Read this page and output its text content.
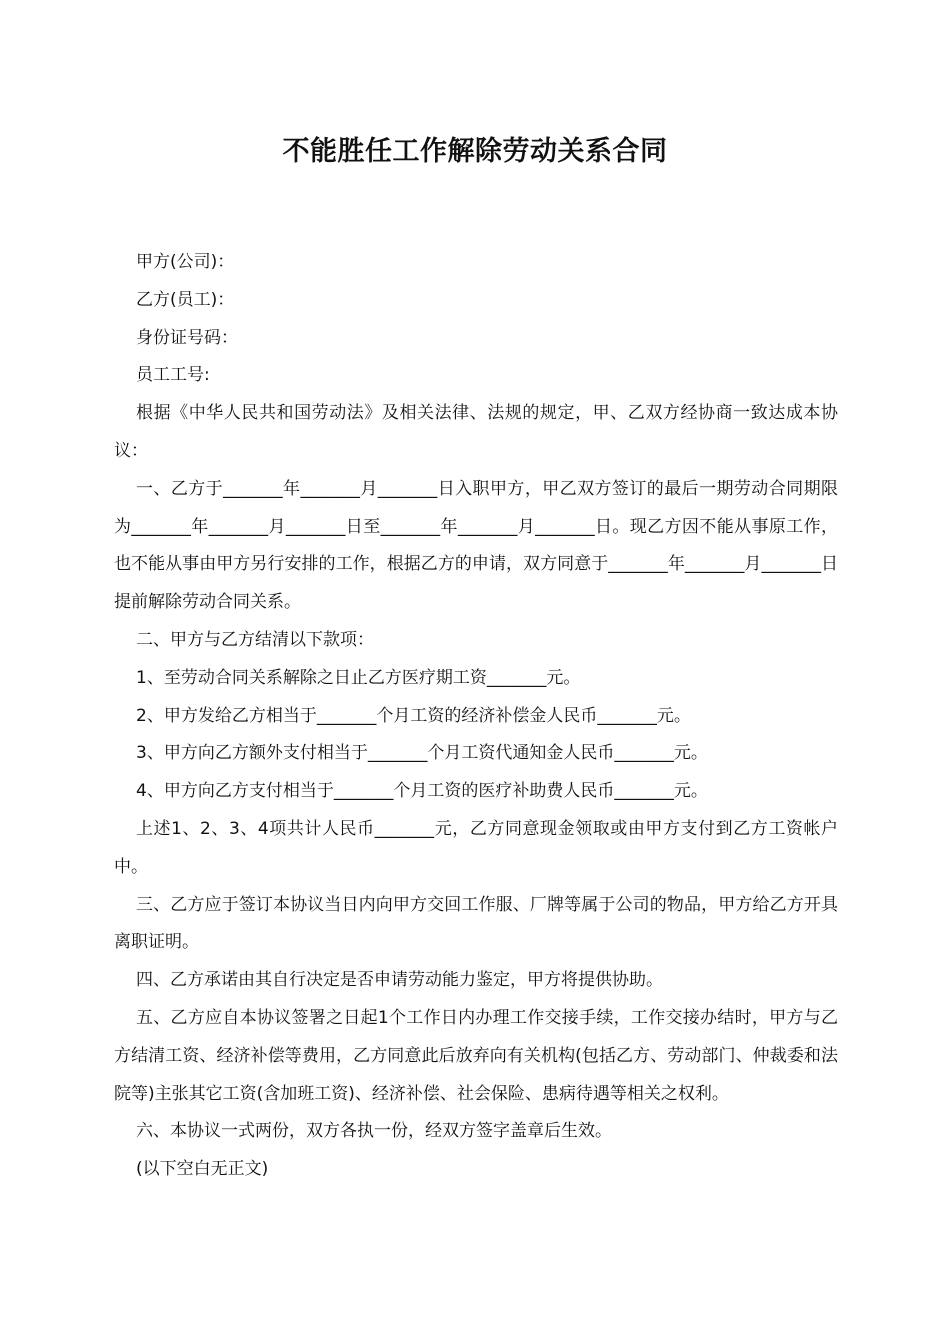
不能胜任工作解除劳动关系合同

甲方(公司)：

乙方(员工)：

身份证号码：

员工工号:

根据《中华人民共和国劳动法》及相关法律、法规的规定，甲、乙双方经协商一致达成本协议：

一、乙方于_______年_______月_______日入职甲方，甲乙双方签订的最后一期劳动合同期限为_______年_______月_______日至_______年_______月_______日。现乙方因不能从事原工作，也不能从事由甲方另行安排的工作，根据乙方的申请，双方同意于_______年_______月_______日提前解除劳动合同关系。

二、甲方与乙方结清以下款项：

1、至劳动合同关系解除之日止乙方医疗期工资_______元。

2、甲方发给乙方相当于_______个月工资的经济补偿金人民币_______元。

3、甲方向乙方额外支付相当于_______个月工资代通知金人民币_______元。

4、甲方向乙方支付相当于_______个月工资的医疗补助费人民币_______元。

上述1、2、3、4项共计人民币_______元，乙方同意现金领取或由甲方支付到乙方工资帐户中。

三、乙方应于签订本协议当日内向甲方交回工作服、厂牌等属于公司的物品，甲方给乙方开具离职证明。

四、乙方承诺由其自行决定是否申请劳动能力鉴定，甲方将提供协助。

五、乙方应自本协议签署之日起1个工作日内办理工作交接手续，工作交接办结时，甲方与乙方结清工资、经济补偿等费用，乙方同意此后放弃向有关机构(包括乙方、劳动部门、仲裁委和法院等)主张其它工资(含加班工资)、经济补偿、社会保险、患病待遇等相关之权利。

六、本协议一式两份，双方各执一份，经双方签字盖章后生效。

(以下空白无正文)
